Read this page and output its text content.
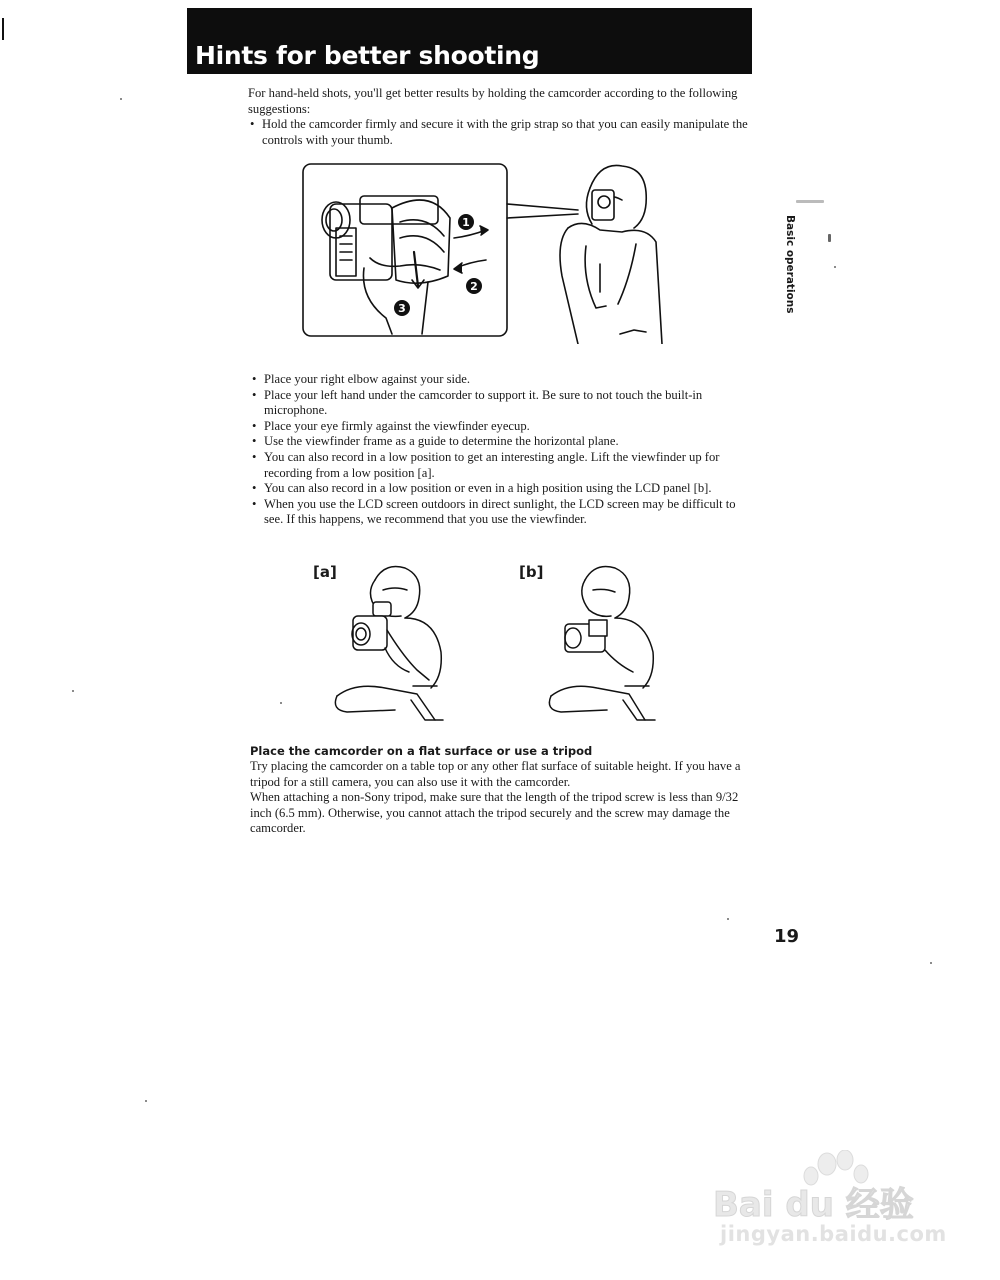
Hints for better shooting

For hand-held shots, you'll get better results by holding the camcorder according to the following suggestions:

• Hold the camcorder firmly and secure it with the grip strap so that you can easily manipulate the controls with your thumb.
1
2
3	Basic operations
• Place your right elbow against your side.
• Place your left hand under the camcorder to support it. Be sure to not touch the built-in microphone.
• Place your eye firmly against the viewfinder eyecup.
• Use the viewfinder frame as a guide to determine the horizontal plane.
• You can also record in a low position to get an interesting angle. Lift the viewfinder up for recording from a low position [a].
• You can also record in a low position or even in a high position using the LCD panel [b].
• When you use the LCD screen outdoors in direct sunlight, the LCD screen may be difficult to see. If this happens, we recommend that you use the viewfinder.
[a]	[b]
Place the camcorder on a flat surface or use a tripod

Try placing the camcorder on a table top or any other flat surface of suitable height. If you have a tripod for a still camera, you can also use it with the camcorder.

When attaching a non-Sony tripod, make sure that the length of the tripod screw is less than 9/32 inch (6.5 mm). Otherwise, you cannot attach the tripod securely and the screw may damage the camcorder.

19
Bai du 经验
jingyan.baidu.com
